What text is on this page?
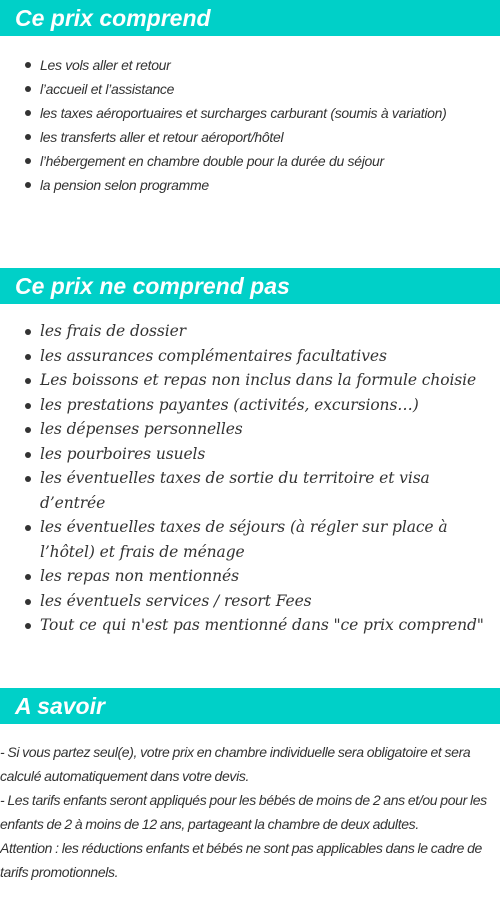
Ce prix comprend
Les vols aller et retour
l’accueil et l’assistance
les taxes aéroportuaires et surcharges carburant (soumis à variation)
les transferts aller et retour aéroport/hôtel
l’hébergement en chambre double pour la durée du séjour
la pension selon programme
Ce prix ne comprend pas
les frais de dossier
les assurances complémentaires facultatives
Les boissons et repas non inclus dans la formule choisie
les prestations payantes (activités, excursions…)
les dépenses personnelles
les pourboires usuels
les éventuelles taxes de sortie du territoire et visa d’entrée
les éventuelles taxes de séjours (à régler sur place à l’hôtel) et frais de ménage
les repas non mentionnés
les éventuels services / resort Fees
Tout ce qui n'est pas mentionné dans "ce prix comprend"
A savoir

- Si vous partez seul(e), votre prix en chambre individuelle sera obligatoire et sera calculé automatiquement dans votre devis.

- Les tarifs enfants seront appliqués pour les bébés de moins de 2 ans et/ou pour les enfants de 2 à moins de 12 ans, partageant la chambre de deux adultes.

Attention : les réductions enfants et bébés ne sont pas applicables dans le cadre de tarifs promotionnels.
